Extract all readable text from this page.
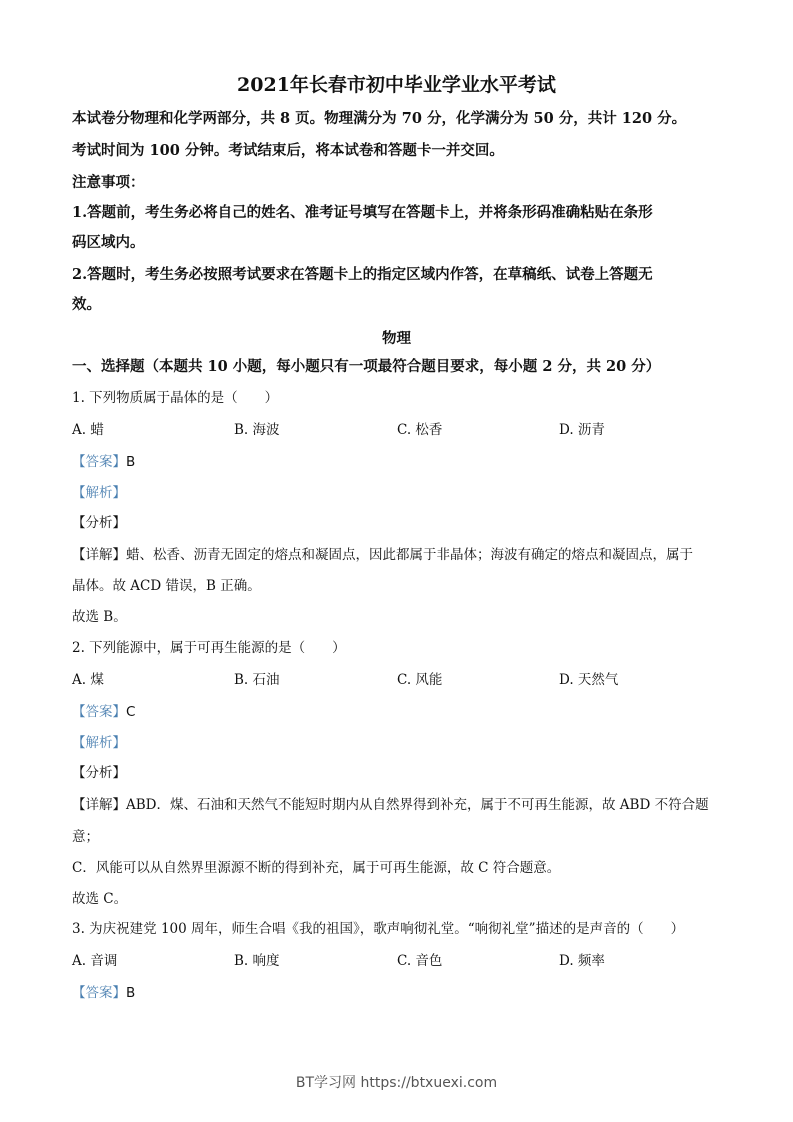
2021年长春市初中毕业学业水平考试
本试卷分物理和化学两部分，共 8 页。物理满分为 70 分，化学满分为 50 分，共计 120 分。
考试时间为 100 分钟。考试结束后，将本试卷和答题卡一并交回。
注意事项：
1.答题前，考生务必将自己的姓名、准考证号填写在答题卡上，并将条形码准确粘贴在条形
码区域内。
2.答题时，考生务必按照考试要求在答题卡上的指定区域内作答，在草稿纸、试卷上答题无
效。
物理
一、选择题（本题共 10 小题，每小题只有一项最符合题目要求，每小题 2 分，共 20 分）
1. 下列物质属于晶体的是（　　）
A. 蜡	B. 海波	C. 松香	D. 沥青
【答案】B
【解析】
【分析】
【详解】蜡、松香、沥青无固定的熔点和凝固点，因此都属于非晶体；海波有确定的熔点和凝固点，属于
晶体。故 ACD 错误，B 正确。
故选 B。
2. 下列能源中，属于可再生能源的是（　　）
A. 煤	B. 石油	C. 风能	D. 天然气
【答案】C
【解析】
【分析】
【详解】ABD．煤、石油和天然气不能短时期内从自然界得到补充，属于不可再生能源，故 ABD 不符合题
意；
C．风能可以从自然界里源源不断的得到补充，属于可再生能源，故 C 符合题意。
故选 C。
3. 为庆祝建党 100 周年，师生合唱《我的祖国》，歌声响彻礼堂。“响彻礼堂”描述的是声音的（　　）
A. 音调	B. 响度	C. 音色	D. 频率
【答案】B
BT学习网 https://btxuexi.com
